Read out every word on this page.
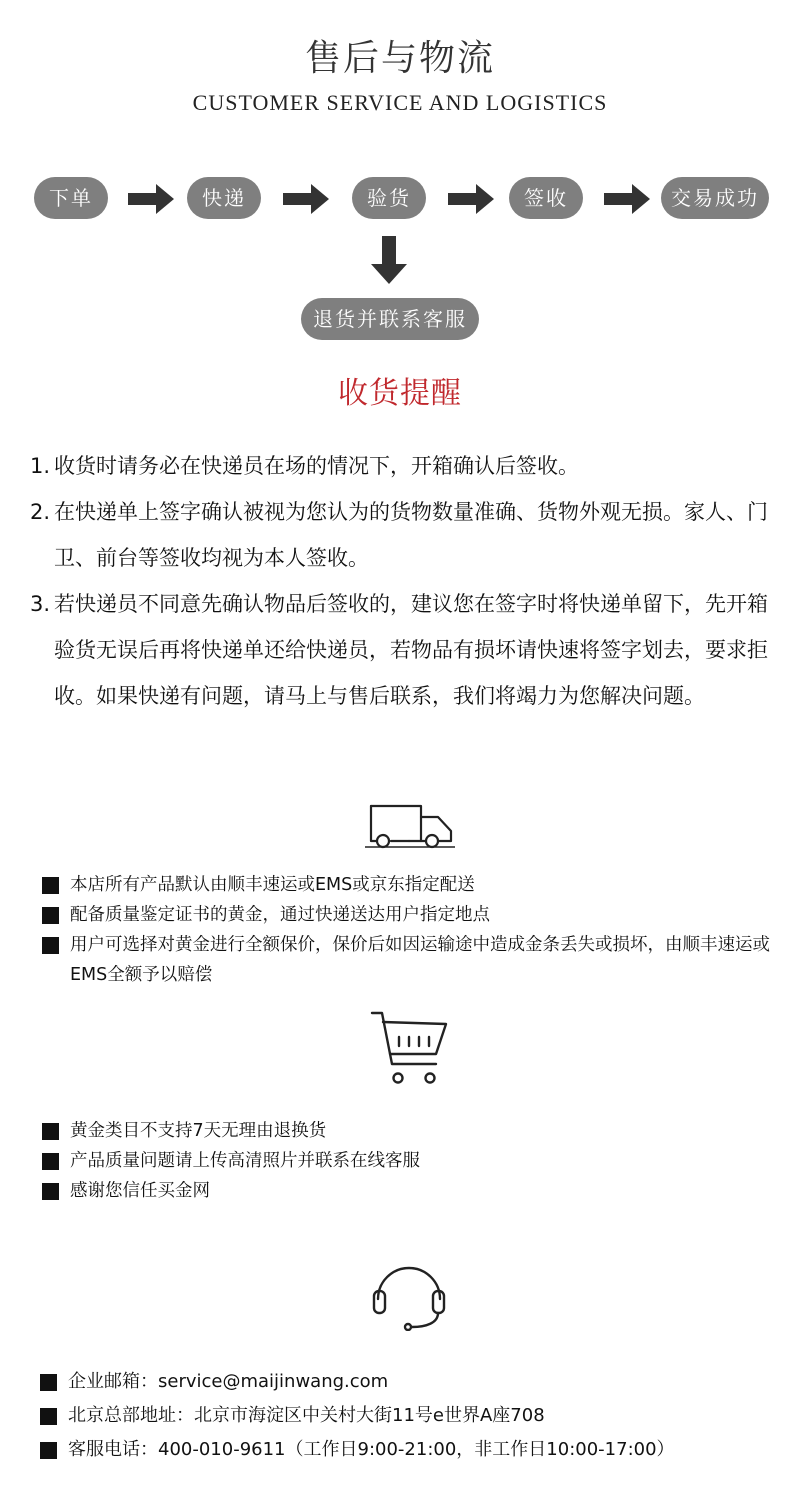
售后与物流
CUSTOMER SERVICE AND LOGISTICS
下单	快递	验货	签收	交易成功
退货并联系客服
收货提醒
1. 收货时请务必在快递员在场的情况下，开箱确认后签收。
2. 在快递单上签字确认被视为您认为的货物数量准确、货物外观无损。家人、门卫、前台等签收均视为本人签收。
3. 若快递员不同意先确认物品后签收的，建议您在签字时将快递单留下，先开箱验货无误后再将快递单还给快递员，若物品有损坏请快速将签字划去，要求拒收。如果快递有问题，请马上与售后联系，我们将竭力为您解决问题。
本店所有产品默认由顺丰速运或EMS或京东指定配送
配备质量鉴定证书的黄金，通过快递送达用户指定地点
用户可选择对黄金进行全额保价，保价后如因运输途中造成金条丢失或损坏，由顺丰速运或EMS全额予以赔偿
黄金类目不支持7天无理由退换货
产品质量问题请上传高清照片并联系在线客服
感谢您信任买金网
企业邮箱：service@maijinwang.com
北京总部地址：北京市海淀区中关村大街11号e世界A座708
客服电话：400-010-9611（工作日9:00-21:00，非工作日10:00-17:00）
